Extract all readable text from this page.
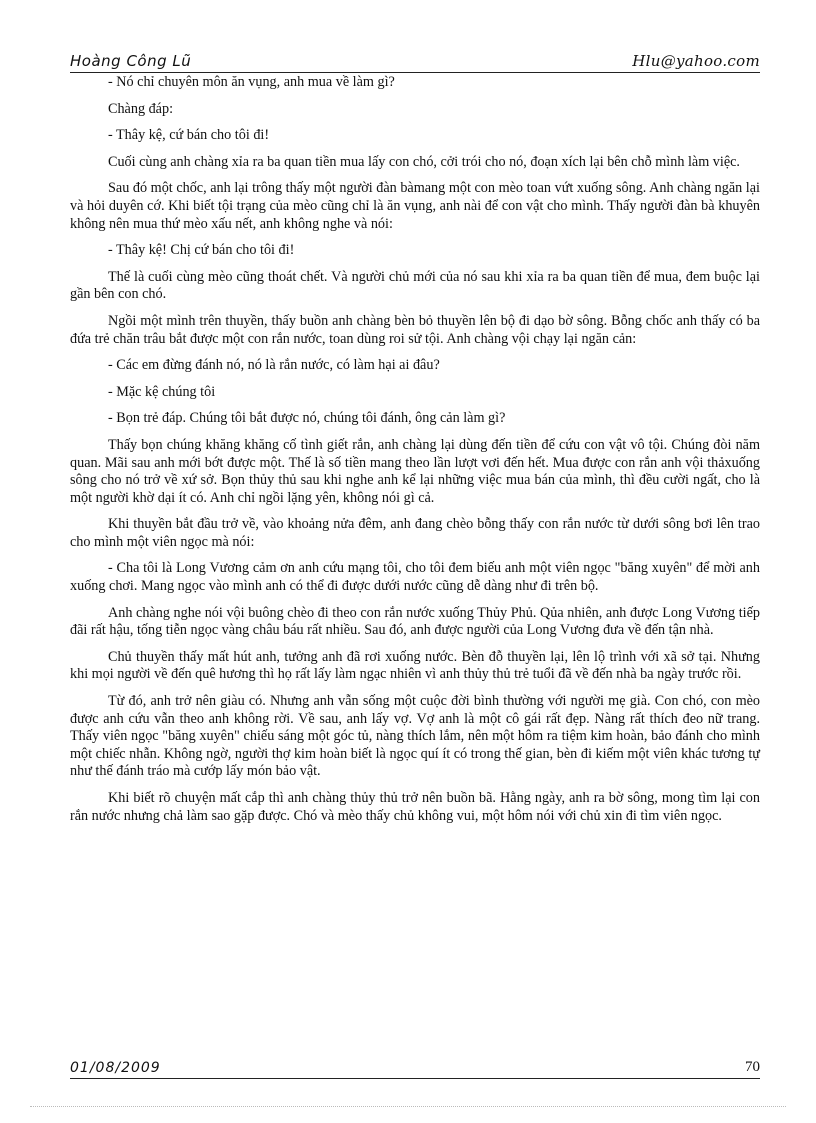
Hoàng Công Lũ	Hlu@yahoo.com

- Nó chỉ chuyên môn ăn vụng, anh mua về làm gì?

Chàng đáp:

- Thây kệ, cứ bán cho tôi đi!

Cuối cùng anh chàng xỉa ra ba quan tiền mua lấy con chó, cởi trói cho nó, đoạn xích lại bên chỗ mình làm việc.

Sau đó một chốc, anh lại trông thấy một người đàn bàmang một con mèo toan vứt xuống sông. Anh chàng ngăn lại và hỏi duyên cớ. Khi biết tội trạng của mèo cũng chỉ là ăn vụng, anh nài để con vật cho mình. Thấy người đàn bà khuyên không nên mua thứ mèo xấu nết, anh không nghe và nói:

- Thây kệ! Chị cứ bán cho tôi đi!

Thế là cuối cùng mèo cũng thoát chết. Và người chủ mới của nó sau khi xỉa ra ba quan tiền để mua, đem buộc lại gần bên con chó.

Ngồi một mình trên thuyền, thấy buồn anh chàng bèn bỏ thuyền lên bộ đi dạo bờ sông. Bỗng chốc anh thấy có ba đứa trẻ chăn trâu bắt được một con rắn nước, toan dùng roi sử tội. Anh chàng vội chạy lại ngăn cản:

- Các em đừng đánh nó, nó là rắn nước, có làm hại ai đâu?

- Mặc kệ chúng tôi

- Bọn trẻ đáp. Chúng tôi bắt được nó, chúng tôi đánh, ông cản làm gì?

Thấy bọn chúng khăng khăng cố tình giết rắn, anh chàng lại dùng đến tiền để cứu con vật vô tội. Chúng đòi năm quan. Mãi sau anh mới bớt được một. Thế là số tiền mang theo lần lượt vơi đến hết. Mua được con rắn anh vội thảxuống sông cho nó trở về xứ sở. Bọn thủy thủ sau khi nghe anh kể lại những việc mua bán của mình, thì đều cười ngất, cho là một người khờ dại ít có. Anh chỉ ngồi lặng yên, không nói gì cả.

Khi thuyền bắt đầu trở về, vào khoảng nửa đêm, anh đang chèo bỗng thấy con rắn nước từ dưới sông bơi lên trao cho mình một viên ngọc mà nói:

- Cha tôi là Long Vương cảm ơn anh cứu mạng tôi, cho tôi đem biếu anh một viên ngọc "băng xuyên" để mời anh xuống chơi. Mang ngọc vào mình anh có thể đi được dưới nước cũng dễ dàng như đi trên bộ.

Anh chàng nghe nói vội buông chèo đi theo con rắn nước xuống Thủy Phủ. Qủa nhiên, anh được Long Vương tiếp đãi rất hậu, tống tiễn ngọc vàng châu báu rất nhiều. Sau đó, anh được người của Long Vương đưa về đến tận nhà.

Chủ thuyền thấy mất hút anh, tưởng anh đã rơi xuống nước. Bèn đỗ thuyền lại, lên lộ trình với xã sở tại. Nhưng khi mọi người về đến quê hương thì họ rất lấy làm ngạc nhiên vì anh thủy thủ trẻ tuổi đã về đến nhà ba ngày trước rồi.

Từ đó, anh trở nên giàu có. Nhưng anh vẫn sống một cuộc đời bình thường với người mẹ già. Con chó, con mèo được anh cứu vẫn theo anh không rời. Về sau, anh lấy vợ. Vợ anh là một cô gái rất đẹp. Nàng rất thích đeo nữ trang. Thấy viên ngọc "băng xuyên" chiếu sáng một góc tủ, nàng thích lắm, nên một hôm ra tiệm kim hoàn, bảo đánh cho mình một chiếc nhẫn. Không ngờ, người thợ kim hoàn biết là ngọc quí ít có trong thế gian, bèn đi kiếm một viên khác tương tự như thế đánh tráo mà cướp lấy món bảo vật.

Khi biết rõ chuyện mất cắp thì anh chàng thủy thủ trở nên buồn bã. Hằng ngày, anh ra bờ sông, mong tìm lại con rắn nước nhưng chả làm sao gặp được. Chó và mèo thấy chủ không vui, một hôm nói với chủ xin đi tìm viên ngọc.

01/08/2009	70
